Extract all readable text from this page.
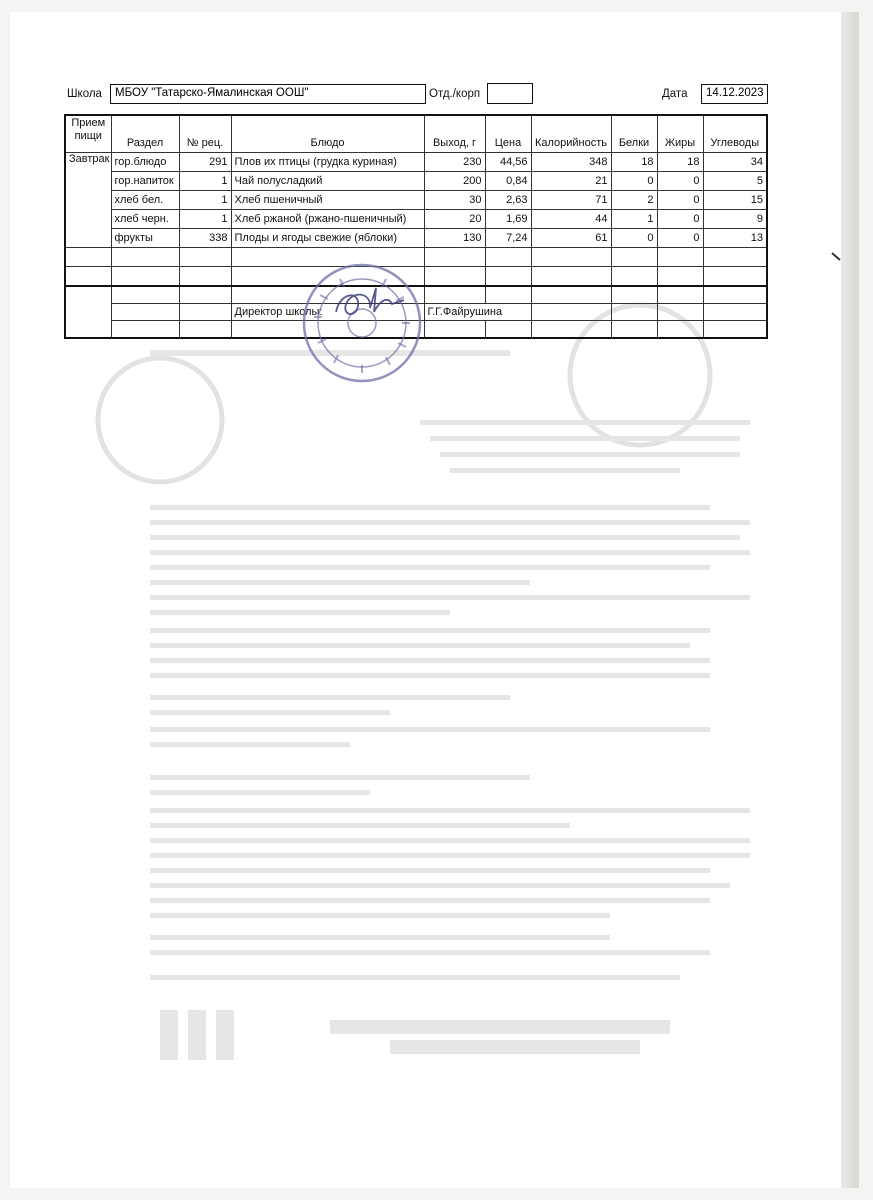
Школа	МБОУ "Татарско-Ямалинская ООШ"	Отд./корп	Дата	14.12.2023
Прием пищи	Раздел	№ рец.	Блюдо	Выход, г	Цена	Калорийность	Белки	Жиры	Углеводы
Завтрак	гор.блюдо	291	Плов их птицы (грудка куриная)	230	44,56	348	18	18	34
	гор.напиток	1	Чай полусладкий	200	0,84	21	0	0	5
	хлеб бел.	1	Хлеб пшеничный	30	2,63	71	2	0	15
	хлеб черн.	1	Хлеб ржаной (ржано-пшеничный)	20	1,69	44	1	0	9
	фрукты	338	Плоды и ягоды свежие (яблоки)	130	7,24	61	0	0	13

			Директор школы:	Г.Г.Файрушина					
